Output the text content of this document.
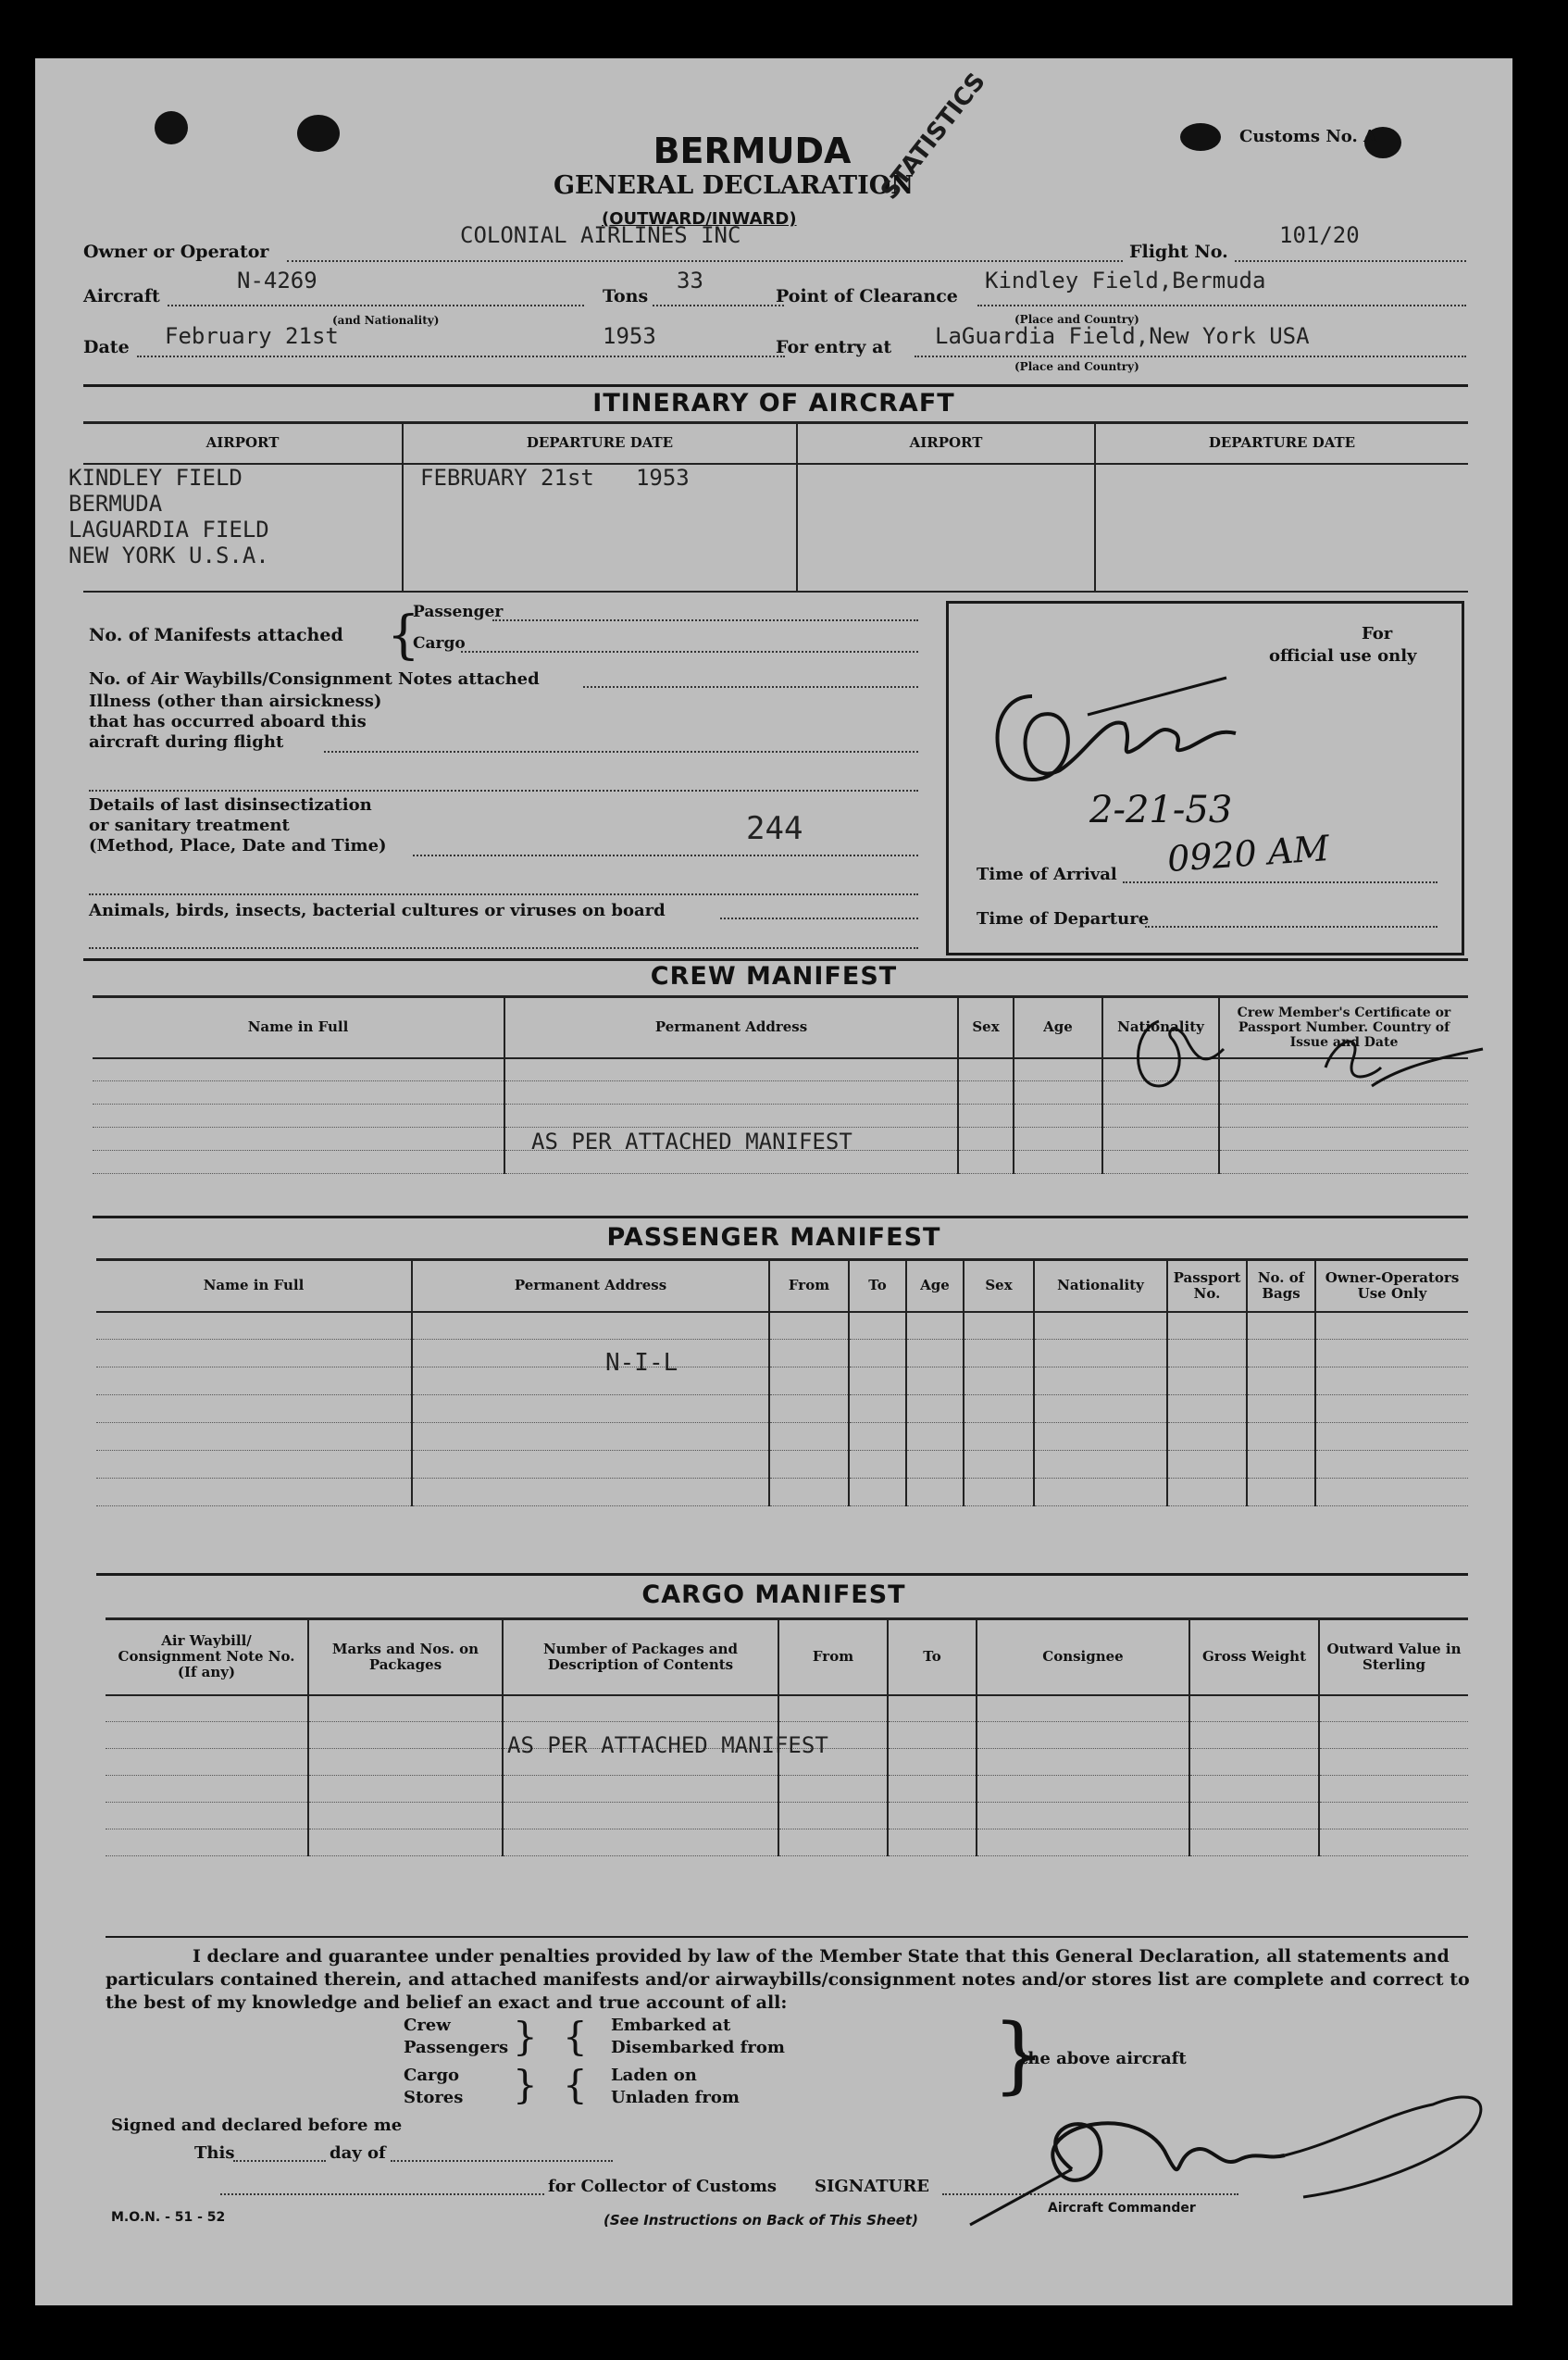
BERMUDA
GENERAL DECLARATION
(OUTWARD/INWARD)
Customs No. A
STATISTICS
Owner or Operator
COLONIAL AIRLINES INC
Flight No.
101/20
Aircraft
N-4269
(and Nationality)
Tons
33
Point of Clearance
Kindley Field,Bermuda
(Place and Country)
Date February 21st	1953	For entry at LaGuardia Field,New York USA
(Place and Country)
ITINERARY OF AIRCRAFT
AIRPORT	DEPARTURE DATE	AIRPORT	DEPARTURE DATE

KINDLEY FIELD
BERMUDA
LAGUARDIA FIELD
NEW YORK U.S.A.	FEBRUARY 21st 1953		
No. of Manifests attached {
Passenger
Cargo
No. of Air Waybills/Consignment Notes attached
Illness (other than airsickness)
that has occurred aboard this
aircraft during flight
Details of last disinsectization
or sanitary treatment
(Method, Place, Date and Time)	244
Animals, birds, insects, bacterial cultures or viruses on board
For
official use only
Time of Arrival 0920 AM
Time of Departure
2-21-53
CREW MANIFEST
Name in Full	Permanent Address	Sex	Age	Nationality	Crew Member's Certificate or Passport Number. Country of Issue and Date

AS PER ATTACHED MANIFEST
PASSENGER MANIFEST
Name in Full	Permanent Address	From	To	Age	Sex	Nationality	Passport No.	No. of Bags	Owner-Operators Use Only

N-I-L
CARGO MANIFEST
Air Waybill/ Consignment Note No. (If any)	Marks and Nos. on Packages	Number of Packages and Description of Contents	From	To	Consignee	Gross Weight	Outward Value in Sterling

AS PER ATTACHED MANIFEST
I declare and guarantee under penalties provided by law of the Member State that this General Declaration, all statements and particulars contained therein, and attached manifests and/or airwaybills/consignment notes and/or stores list are complete and correct to the best of my knowledge and belief an exact and true account of all:
Crew
Passengers
Cargo
Stores
}
}
{
{
Embarked at
Disembarked from
Laden on
Unladen from	}
the above aircraft
Signed and declared before me
This	day of
for Collector of Customs SIGNATURE
Aircraft Commander
M.O.N. - 51 - 52	(See Instructions on Back of This Sheet)
